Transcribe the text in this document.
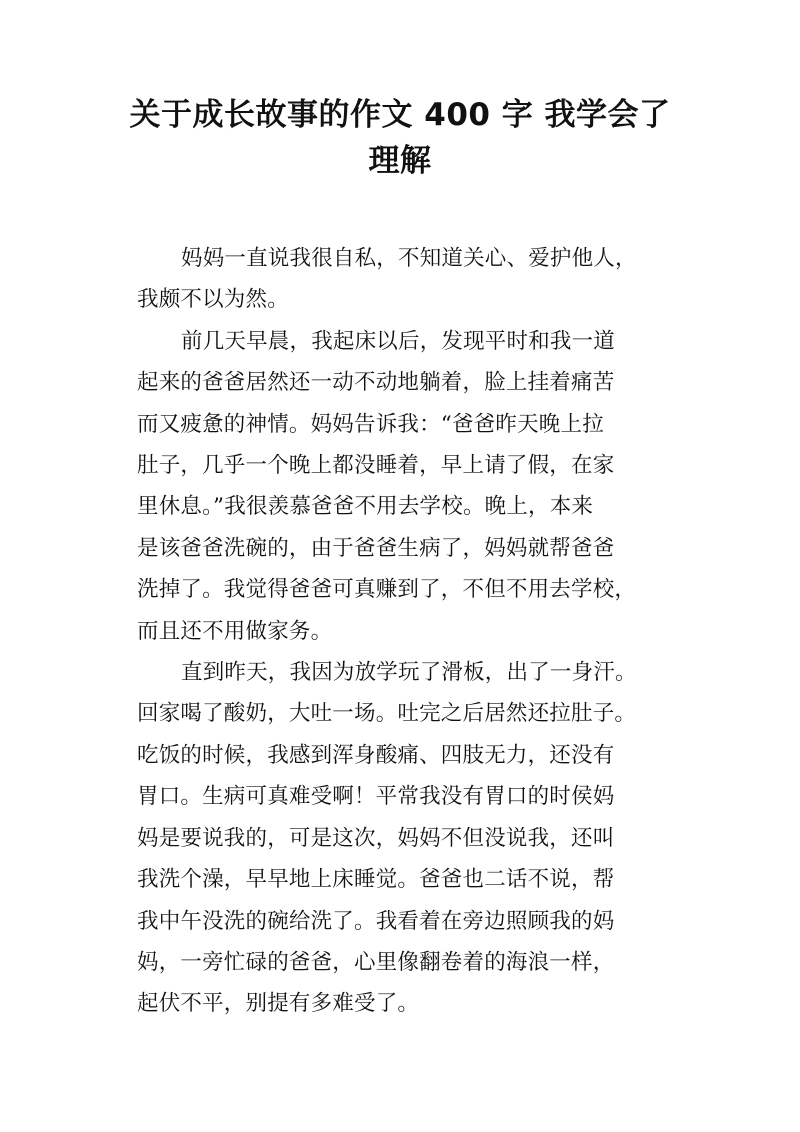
关于成长故事的作文 400 字 我学会了
理解

妈妈一直说我很自私，不知道关心、爱护他人，
我颇不以为然。

前几天早晨，我起床以后，发现平时和我一道
起来的爸爸居然还一动不动地躺着，脸上挂着痛苦
而又疲惫的神情。妈妈告诉我：“爸爸昨天晚上拉
肚子，几乎一个晚上都没睡着，早上请了假，在家
里休息。”我很羡慕爸爸不用去学校。晚上，本来
是该爸爸洗碗的，由于爸爸生病了，妈妈就帮爸爸
洗掉了。我觉得爸爸可真赚到了，不但不用去学校，
而且还不用做家务。

直到昨天，我因为放学玩了滑板，出了一身汗。
回家喝了酸奶，大吐一场。吐完之后居然还拉肚子。
吃饭的时候，我感到浑身酸痛、四肢无力，还没有
胃口。生病可真难受啊！平常我没有胃口的时侯妈
妈是要说我的，可是这次，妈妈不但没说我，还叫
我洗个澡，早早地上床睡觉。爸爸也二话不说，帮
我中午没洗的碗给洗了。我看着在旁边照顾我的妈
妈，一旁忙碌的爸爸，心里像翻卷着的海浪一样，
起伏不平，别提有多难受了。
